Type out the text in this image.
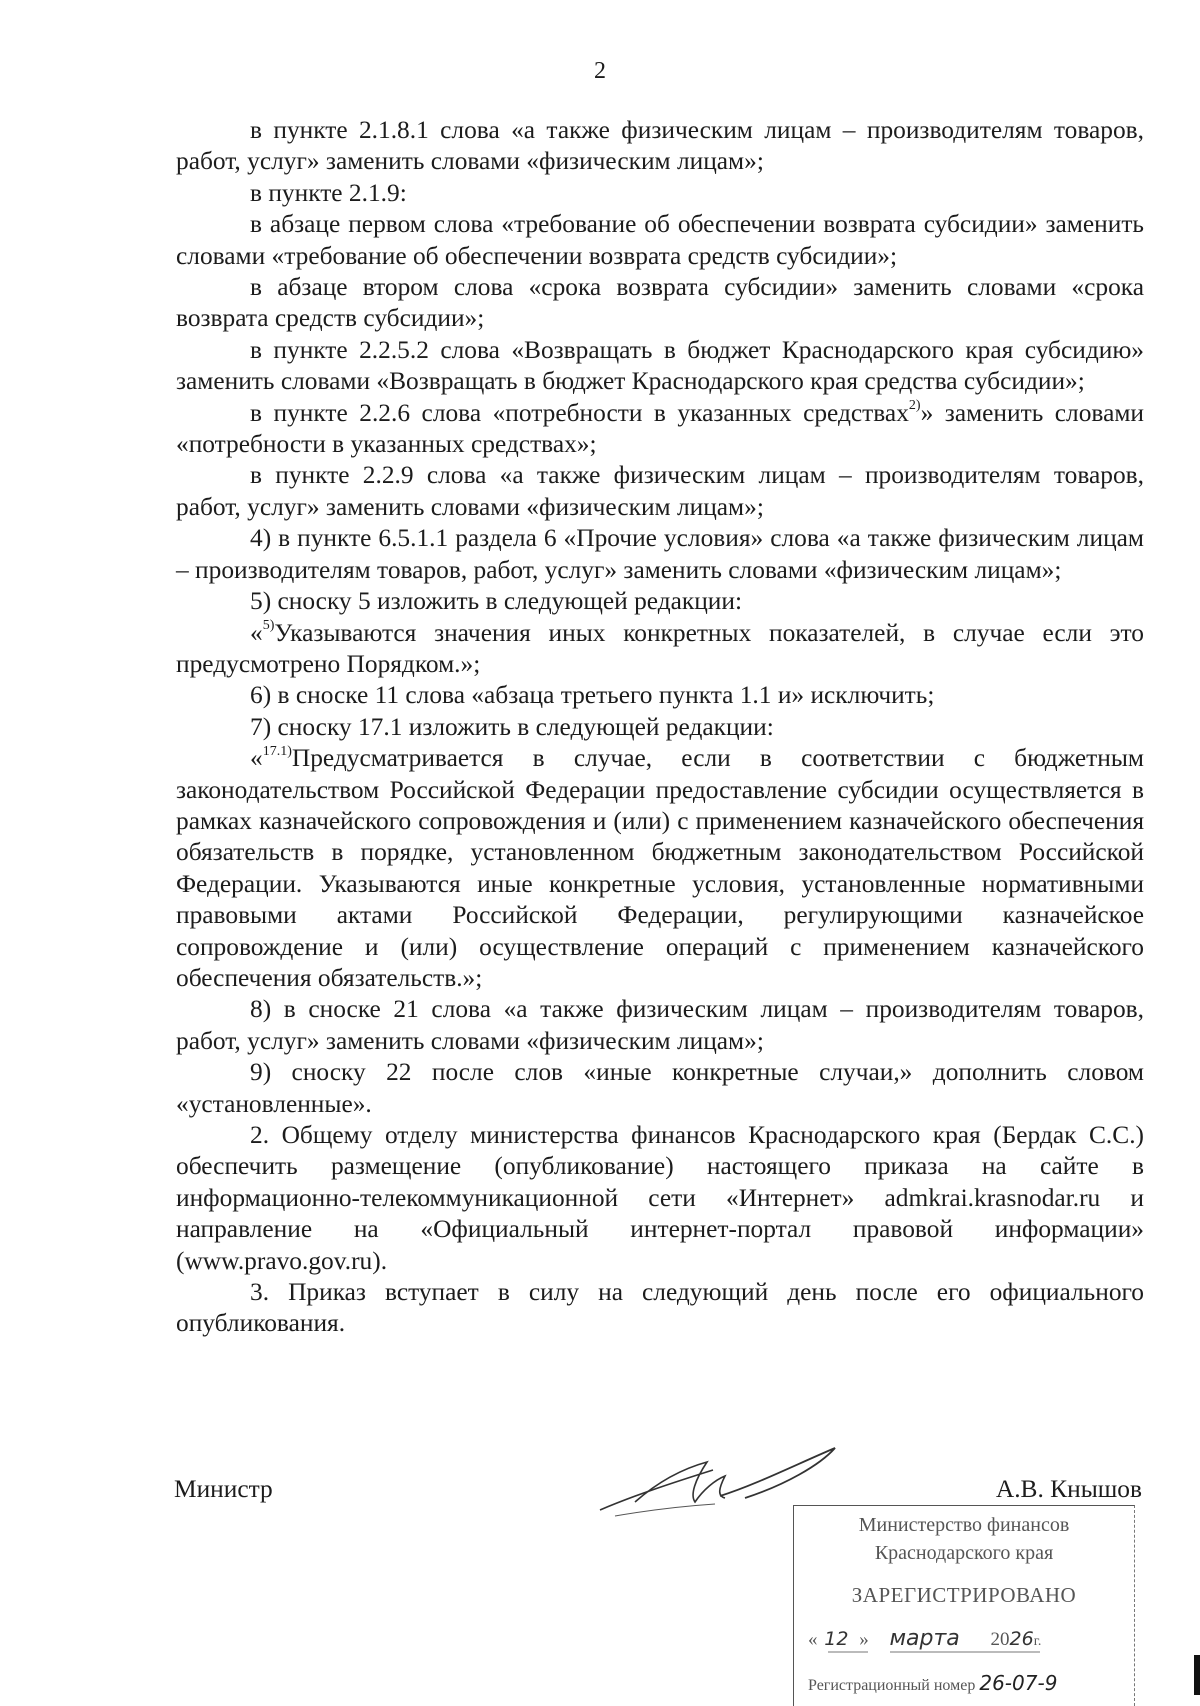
2

в пункте 2.1.8.1 слова «а также физическим лицам – производителям товаров, работ, услуг» заменить словами «физическим лицам»;

в пункте 2.1.9:

в абзаце первом слова «требование об обеспечении возврата субсидии» заменить словами «требование об обеспечении возврата средств субсидии»;

в абзаце втором слова «срока возврата субсидии» заменить словами «срока возврата средств субсидии»;

в пункте 2.2.5.2 слова «Возвращать в бюджет Краснодарского края субсидию» заменить словами «Возвращать в бюджет Краснодарского края средства субсидии»;

в пункте 2.2.6 слова «потребности в указанных средствах$^{2)}$» заменить словами «потребности в указанных средствах»;

в пункте 2.2.9 слова «а также физическим лицам – производителям товаров, работ, услуг» заменить словами «физическим лицам»;

4) в пункте 6.5.1.1 раздела 6 «Прочие условия» слова «а также физическим лицам – производителям товаров, работ, услуг» заменить словами «физическим лицам»;

5) сноску 5 изложить в следующей редакции:

«$^{5)}$Указываются значения иных конкретных показателей, в случае если это предусмотрено Порядком.»;

6) в сноске 11 слова «абзаца третьего пункта 1.1 и» исключить;

7) сноску 17.1 изложить в следующей редакции:

«$^{17.1)}$Предусматривается в случае, если в соответствии с бюджетным законодательством Российской Федерации предоставление субсидии осуществляется в рамках казначейского сопровождения и (или) с применением казначейского обеспечения обязательств в порядке, установленном бюджетным законодательством Российской Федерации. Указываются иные конкретные условия, установленные нормативными правовыми актами Российской Федерации, регулирующими казначейское сопровождение и (или) осуществление операций с применением казначейского обеспечения обязательств.»;

8) в сноске 21 слова «а также физическим лицам – производителям товаров, работ, услуг» заменить словами «физическим лицам»;

9) сноску 22 после слов «иные конкретные случаи,» дополнить словом «установленные».

2. Общему отделу министерства финансов Краснодарского края (Бердак С.С.) обеспечить размещение (опубликование) настоящего приказа на сайте в информационно-телекоммуникационной сети «Интернет» admkrai.krasnodar.ru и направление на «Официальный интернет-портал правовой информации» (www.pravo.gov.ru).

3. Приказ вступает в силу на следующий день после его официального опубликования.

Министр	А.В. Кнышов
Министерство финансов
Краснодарского края
ЗАРЕГИСТРИРОВАНО
« 12 » марта 2026г.
Регистрационный номер 26-07-9
